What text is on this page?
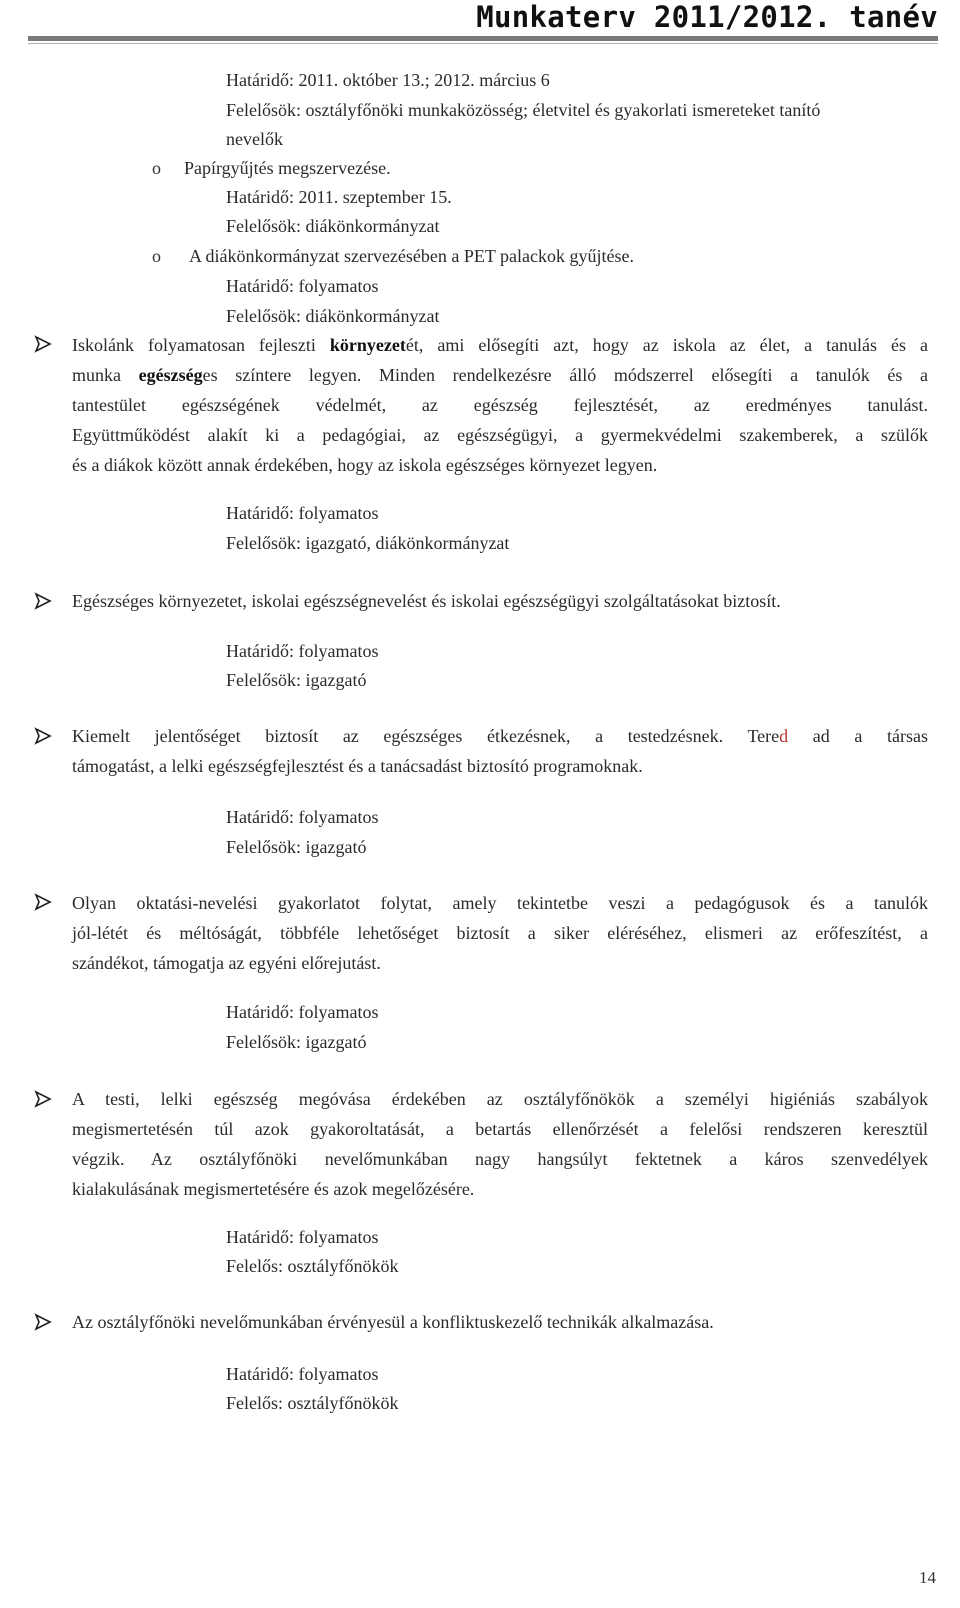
Munkaterv 2011/2012. tanév
Határidő: 2011. október 13.; 2012. március 6
Felelősök: osztályfőnöki munkaközösség; életvitel és gyakorlati ismereteket tanító
nevelők
o Papírgyűjtés megszervezése.
Határidő: 2011. szeptember 15.
Felelősök: diákönkormányzat
o A diákönkormányzat szervezésében a PET palackok gyűjtése.
Határidő: folyamatos
Felelősök: diákönkormányzat
Iskolánk folyamatosan fejleszti környezetét, ami elősegíti azt, hogy az iskola az élet, a tanulás és a
munka egészséges színtere legyen. Minden rendelkezésre álló módszerrel elősegíti a tanulók és a
tantestület egészségének védelmét, az egészség fejlesztését, az eredményes tanulást.
Együttműködést alakít ki a pedagógiai, az egészségügyi, a gyermekvédelmi szakemberek, a szülők
és a diákok között annak érdekében, hogy az iskola egészséges környezet legyen.
Határidő: folyamatos
Felelősök: igazgató, diákönkormányzat
Egészséges környezetet, iskolai egészségnevelést és iskolai egészségügyi szolgáltatásokat biztosít.
Határidő: folyamatos
Felelősök: igazgató
Kiemelt jelentőséget biztosít az egészséges étkezésnek, a testedzésnek. Tered ad a társas
támogatást, a lelki egészségfejlesztést és a tanácsadást biztosító programoknak.
Határidő: folyamatos
Felelősök: igazgató
Olyan oktatási-nevelési gyakorlatot folytat, amely tekintetbe veszi a pedagógusok és a tanulók
jól-létét és méltóságát, többféle lehetőséget biztosít a siker eléréséhez, elismeri az erőfeszítést, a
szándékot, támogatja az egyéni előrejutást.
Határidő: folyamatos
Felelősök: igazgató
A testi, lelki egészség megóvása érdekében az osztályfőnökök a személyi higiéniás szabályok
megismertetésén túl azok gyakoroltatását, a betartás ellenőrzését a felelősi rendszeren keresztül
végzik. Az osztályfőnöki nevelőmunkában nagy hangsúlyt fektetnek a káros szenvedélyek
kialakulásának megismertetésére és azok megelőzésére.
Határidő: folyamatos
Felelős: osztályfőnökök
Az osztályfőnöki nevelőmunkában érvényesül a konfliktuskezelő technikák alkalmazása.
Határidő: folyamatos
Felelős: osztályfőnökök
14
